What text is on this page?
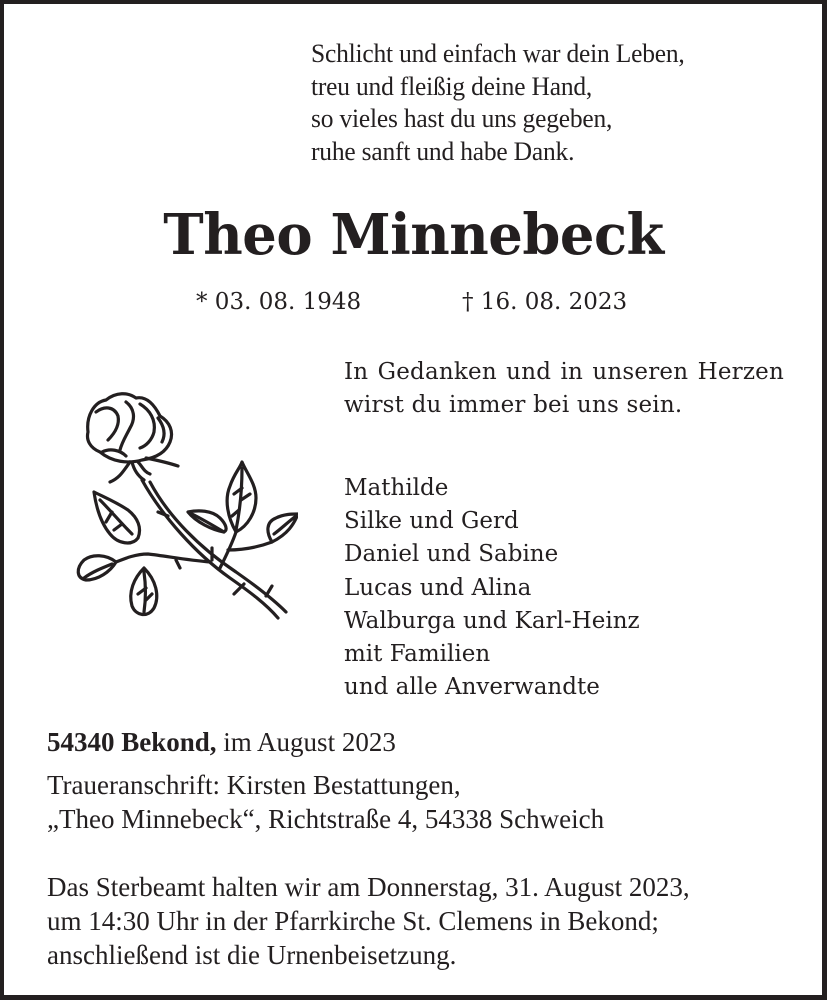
Schlicht und einfach war dein Leben,
treu und fleißig deine Hand,
so vieles hast du uns gegeben,
ruhe sanft und habe Dank.
Theo Minnebeck
* 03. 08. 1948	† 16. 08. 2023
In Gedanken und in unseren Herzen wirst du immer bei uns sein.
Mathilde
Silke und Gerd
Daniel und Sabine
Lucas und Alina
Walburga und Karl-Heinz
mit Familien
und alle Anverwandte
54340 Bekond, im August 2023
Traueranschrift: Kirsten Bestattungen,
„Theo Minnebeck“, Richtstraße 4, 54338 Schweich
Das Sterbeamt halten wir am Donnerstag, 31. August 2023,
um 14:30 Uhr in der Pfarrkirche St. Clemens in Bekond;
anschließend ist die Urnenbeisetzung.
